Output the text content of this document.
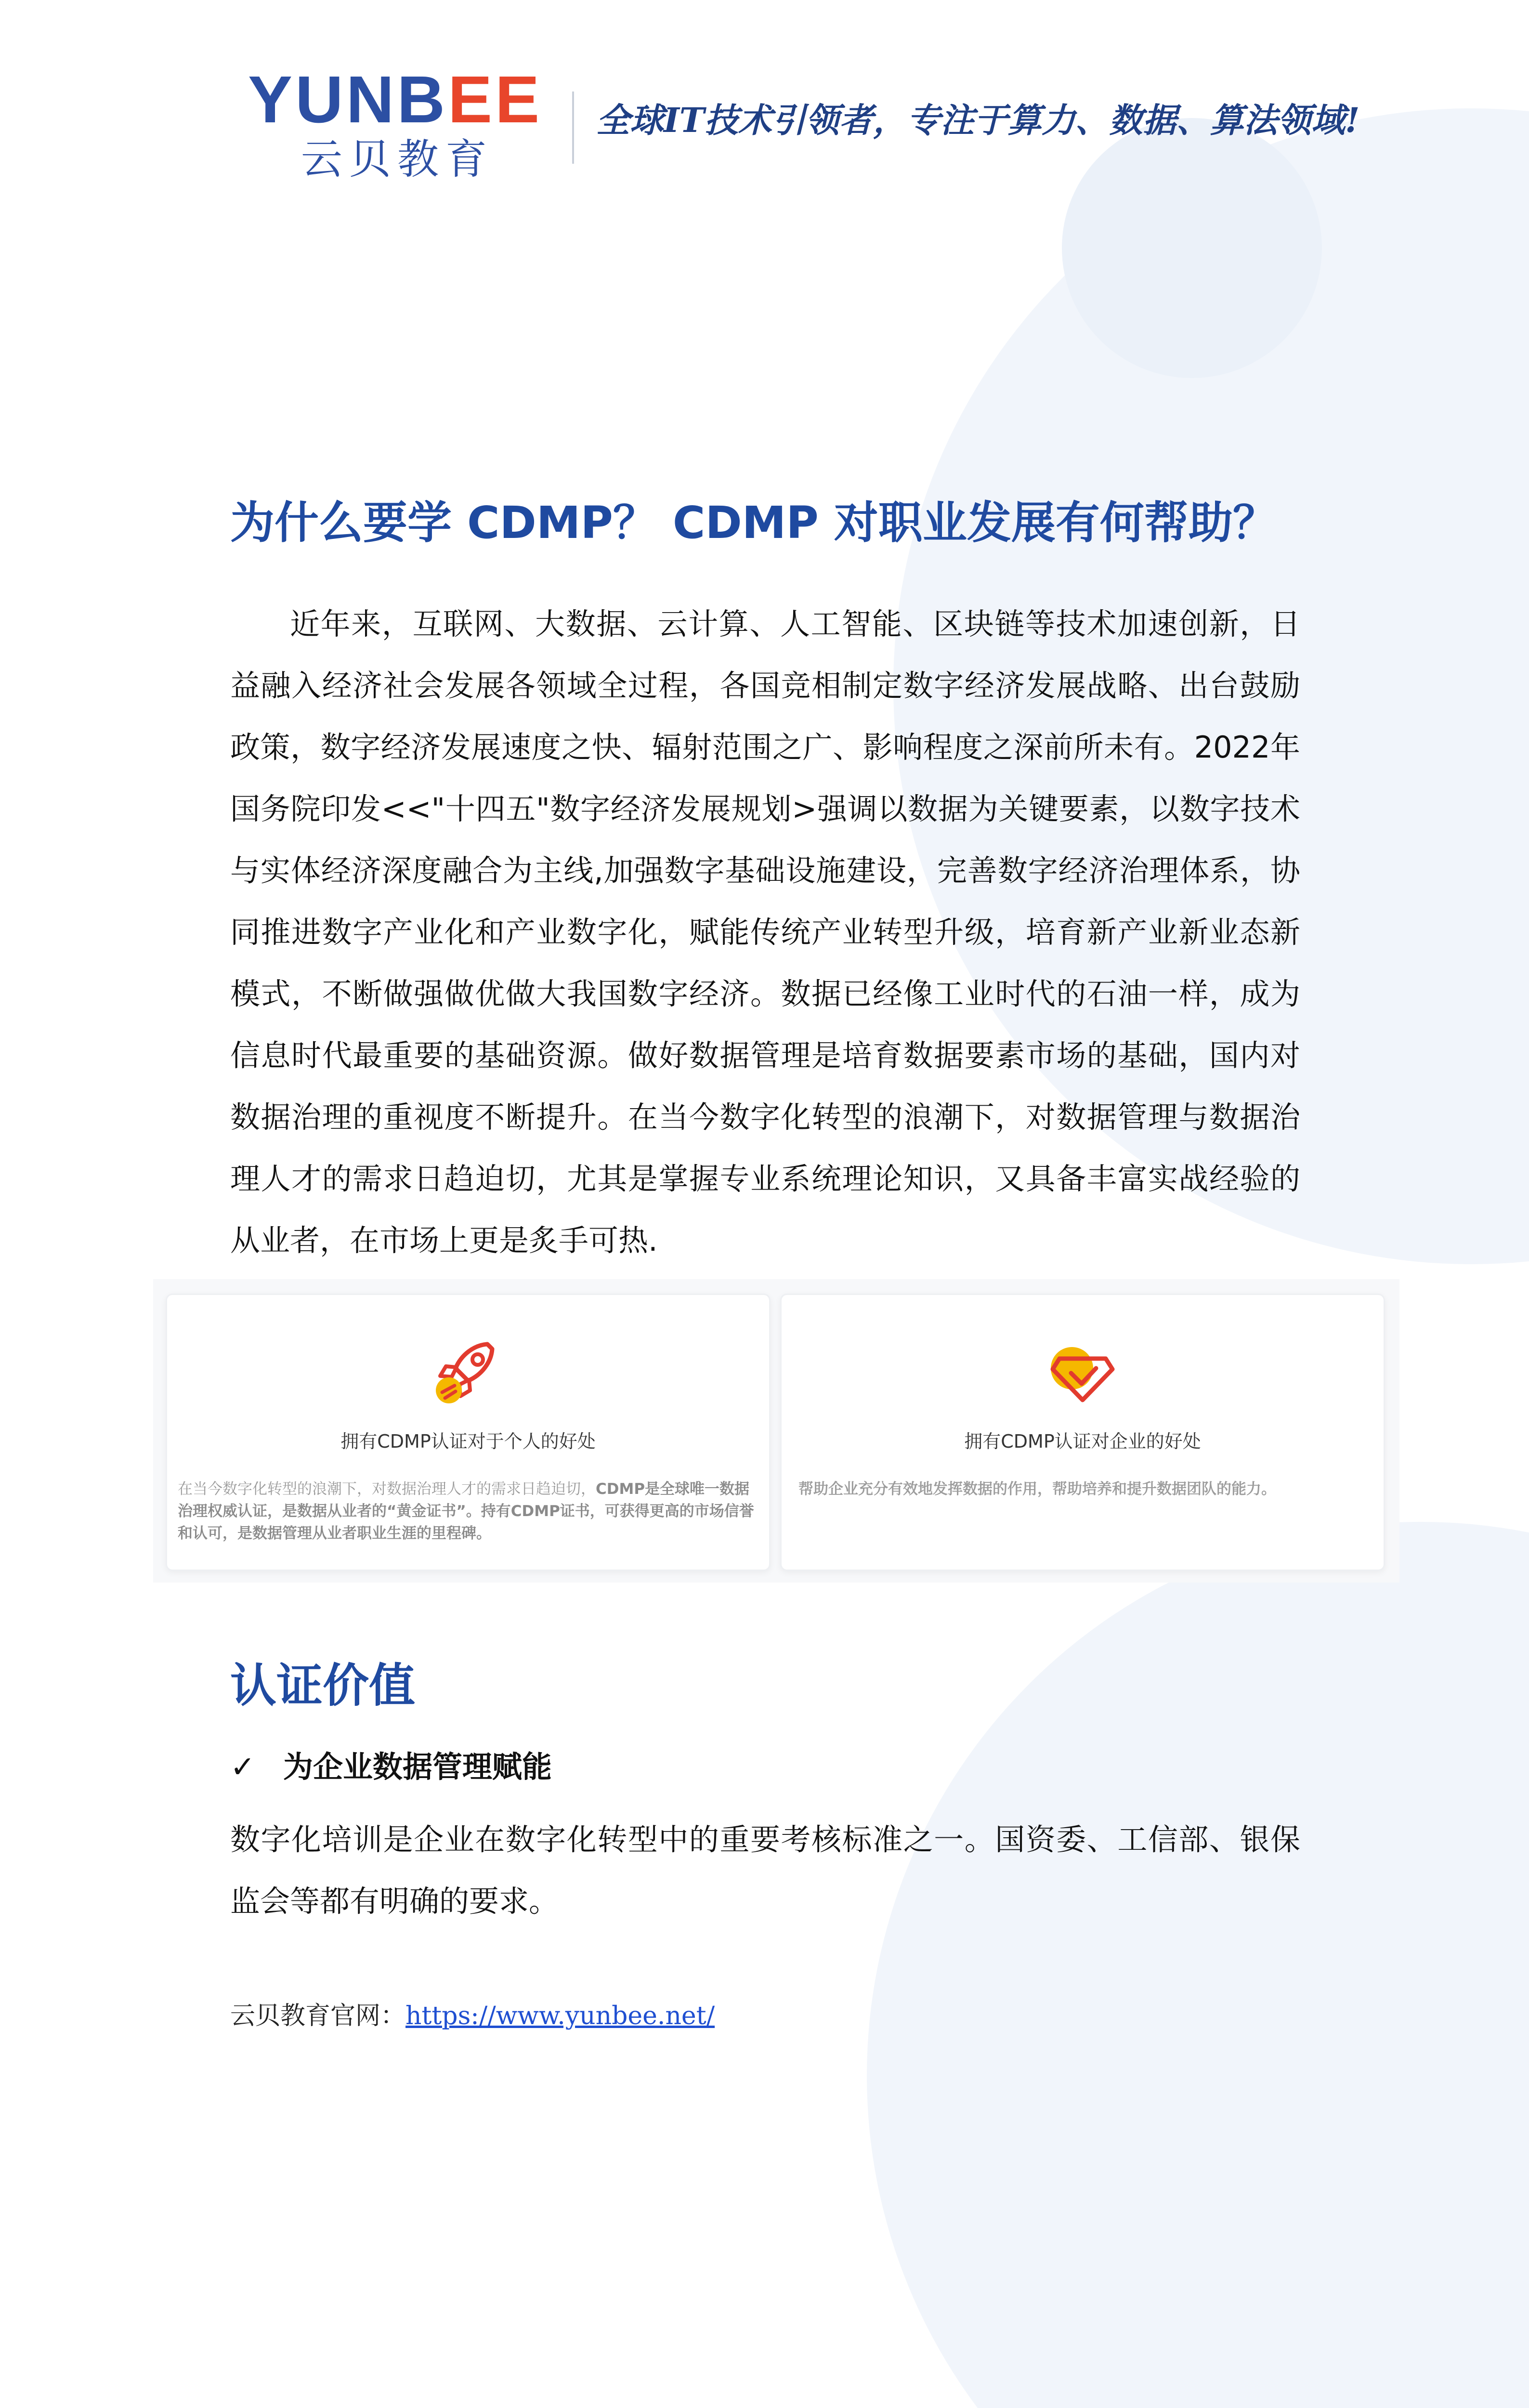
YUNBEE
云贝教育
全球IT技术引领者，专注于算力、数据、算法领域!
为什么要学 CDMP？ CDMP 对职业发展有何帮助？

近年来，互联网、大数据、云计算、人工智能、区块链等技术加速创新，日益融入经济社会发展各领域全过程，各国竞相制定数字经济发展战略、出台鼓励政策，数字经济发展速度之快、辐射范围之广、影响程度之深前所未有。2022年国务院印发<<"十四五"数字经济发展规划>强调以数据为关键要素，以数字技术与实体经济深度融合为主线,加强数字基础设施建设，完善数字经济治理体系，协同推进数字产业化和产业数字化，赋能传统产业转型升级，培育新产业新业态新模式，不断做强做优做大我国数字经济。数据已经像工业时代的石油一样，成为信息时代最重要的基础资源。做好数据管理是培育数据要素市场的基础，国内对数据治理的重视度不断提升。在当今数字化转型的浪潮下，对数据管理与数据治理人才的需求日趋迫切，尤其是掌握专业系统理论知识，又具备丰富实战经验的从业者，在市场上更是炙手可热.

拥有CDMP认证对于个人的好处

在当今数字化转型的浪潮下，对数据治理人才的需求日趋迫切，CDMP是全球唯一数据治理权威认证，是数据从业者的“黄金证书”。持有CDMP证书，可获得更高的市场信誉和认可，是数据管理从业者职业生涯的里程碑。

拥有CDMP认证对企业的好处

帮助企业充分有效地发挥数据的作用，帮助培养和提升数据团队的能力。

认证价值
✓ 为企业数据管理赋能

数字化培训是企业在数字化转型中的重要考核标准之一。国资委、工信部、银保监会等都有明确的要求。

云贝教育官网：https://www.yunbee.net/
